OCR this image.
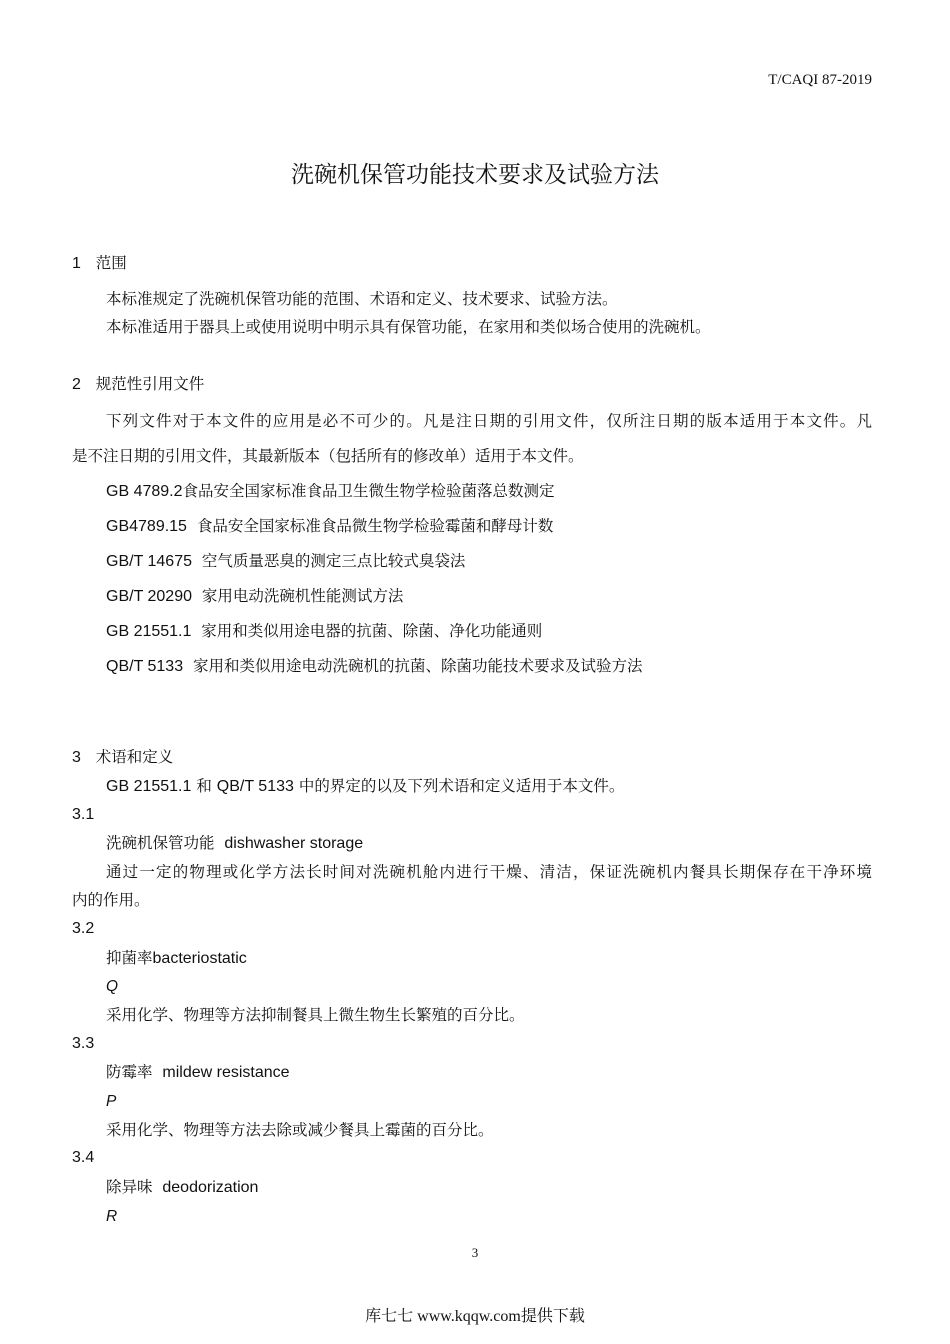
T/CAQI 87-2019
洗碗机保管功能技术要求及试验方法
1 范围
本标准规定了洗碗机保管功能的范围、术语和定义、技术要求、试验方法。
本标准适用于器具上或使用说明中明示具有保管功能，在家用和类似场合使用的洗碗机。
2 规范性引用文件
下列文件对于本文件的应用是必不可少的。凡是注日期的引用文件，仅所注日期的版本适用于本文件。凡
是不注日期的引用文件，其最新版本（包括所有的修改单）适用于本文件。
GB 4789.2食品安全国家标准食品卫生微生物学检验菌落总数测定
GB4789.15 食品安全国家标准食品微生物学检验霉菌和酵母计数
GB/T 14675 空气质量恶臭的测定三点比较式臭袋法
GB/T 20290 家用电动洗碗机性能测试方法
GB 21551.1 家用和类似用途电器的抗菌、除菌、净化功能通则
QB/T 5133 家用和类似用途电动洗碗机的抗菌、除菌功能技术要求及试验方法
3 术语和定义
GB 21551.1 和 QB/T 5133 中的界定的以及下列术语和定义适用于本文件。
3.1
洗碗机保管功能 dishwasher storage
通过一定的物理或化学方法长时间对洗碗机舱内进行干燥、清洁，保证洗碗机内餐具长期保存在干净环境
内的作用。
3.2
抑菌率bacteriostatic
Q
采用化学、物理等方法抑制餐具上微生物生长繁殖的百分比。
3.3
防霉率 mildew resistance
P
采用化学、物理等方法去除或减少餐具上霉菌的百分比。
3.4
除异味 deodorization
R
3
库七七 www.kqqw.com提供下载
